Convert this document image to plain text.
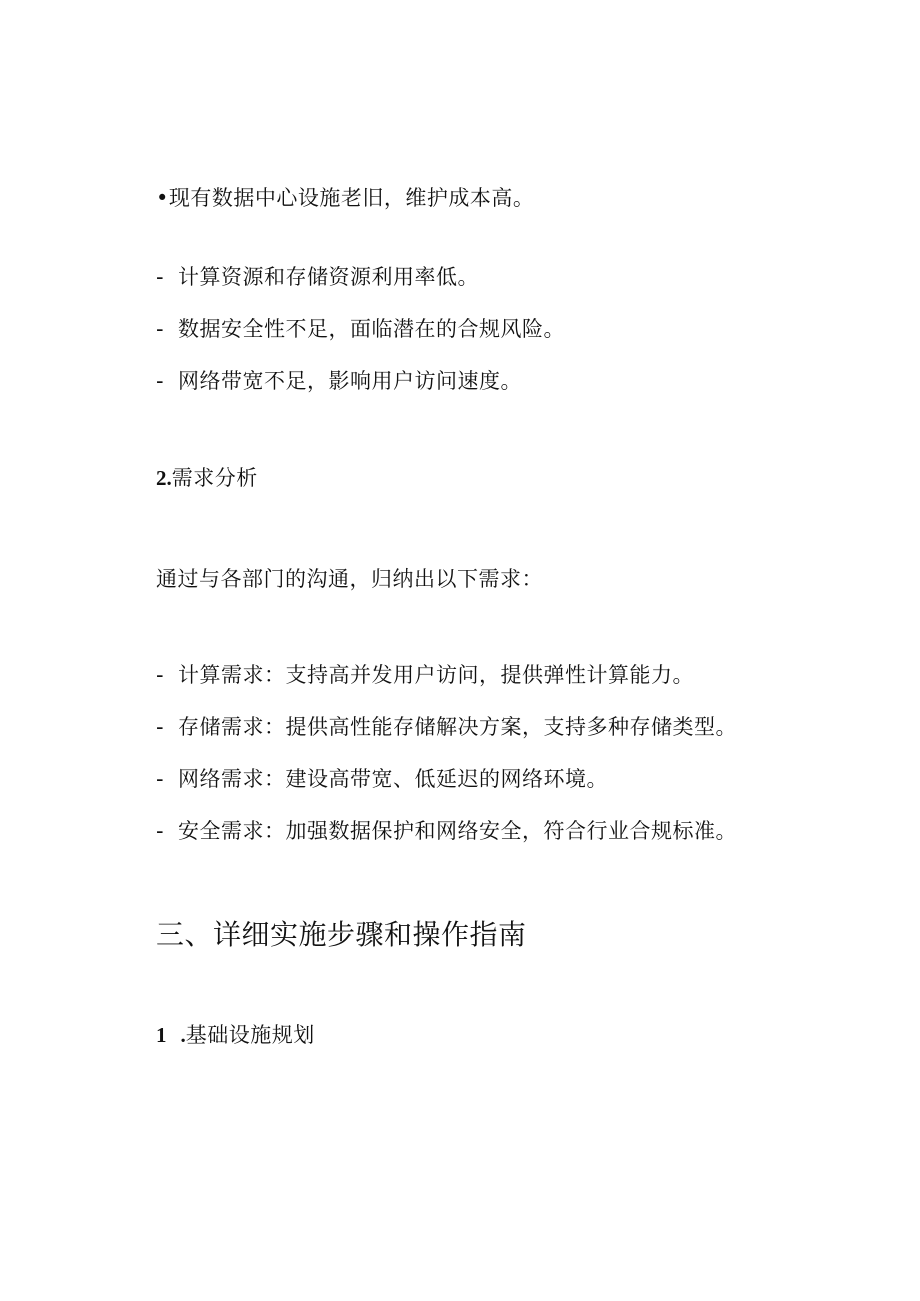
•现有数据中心设施老旧，维护成本高。
- 计算资源和存储资源利用率低。
- 数据安全性不足，面临潜在的合规风险。
- 网络带宽不足，影响用户访问速度。
2.需求分析
通过与各部门的沟通，归纳出以下需求：
- 计算需求：支持高并发用户访问，提供弹性计算能力。
- 存储需求：提供高性能存储解决方案，支持多种存储类型。
- 网络需求：建设高带宽、低延迟的网络环境。
- 安全需求：加强数据保护和网络安全，符合行业合规标准。
三、详细实施步骤和操作指南
1 .基础设施规划
